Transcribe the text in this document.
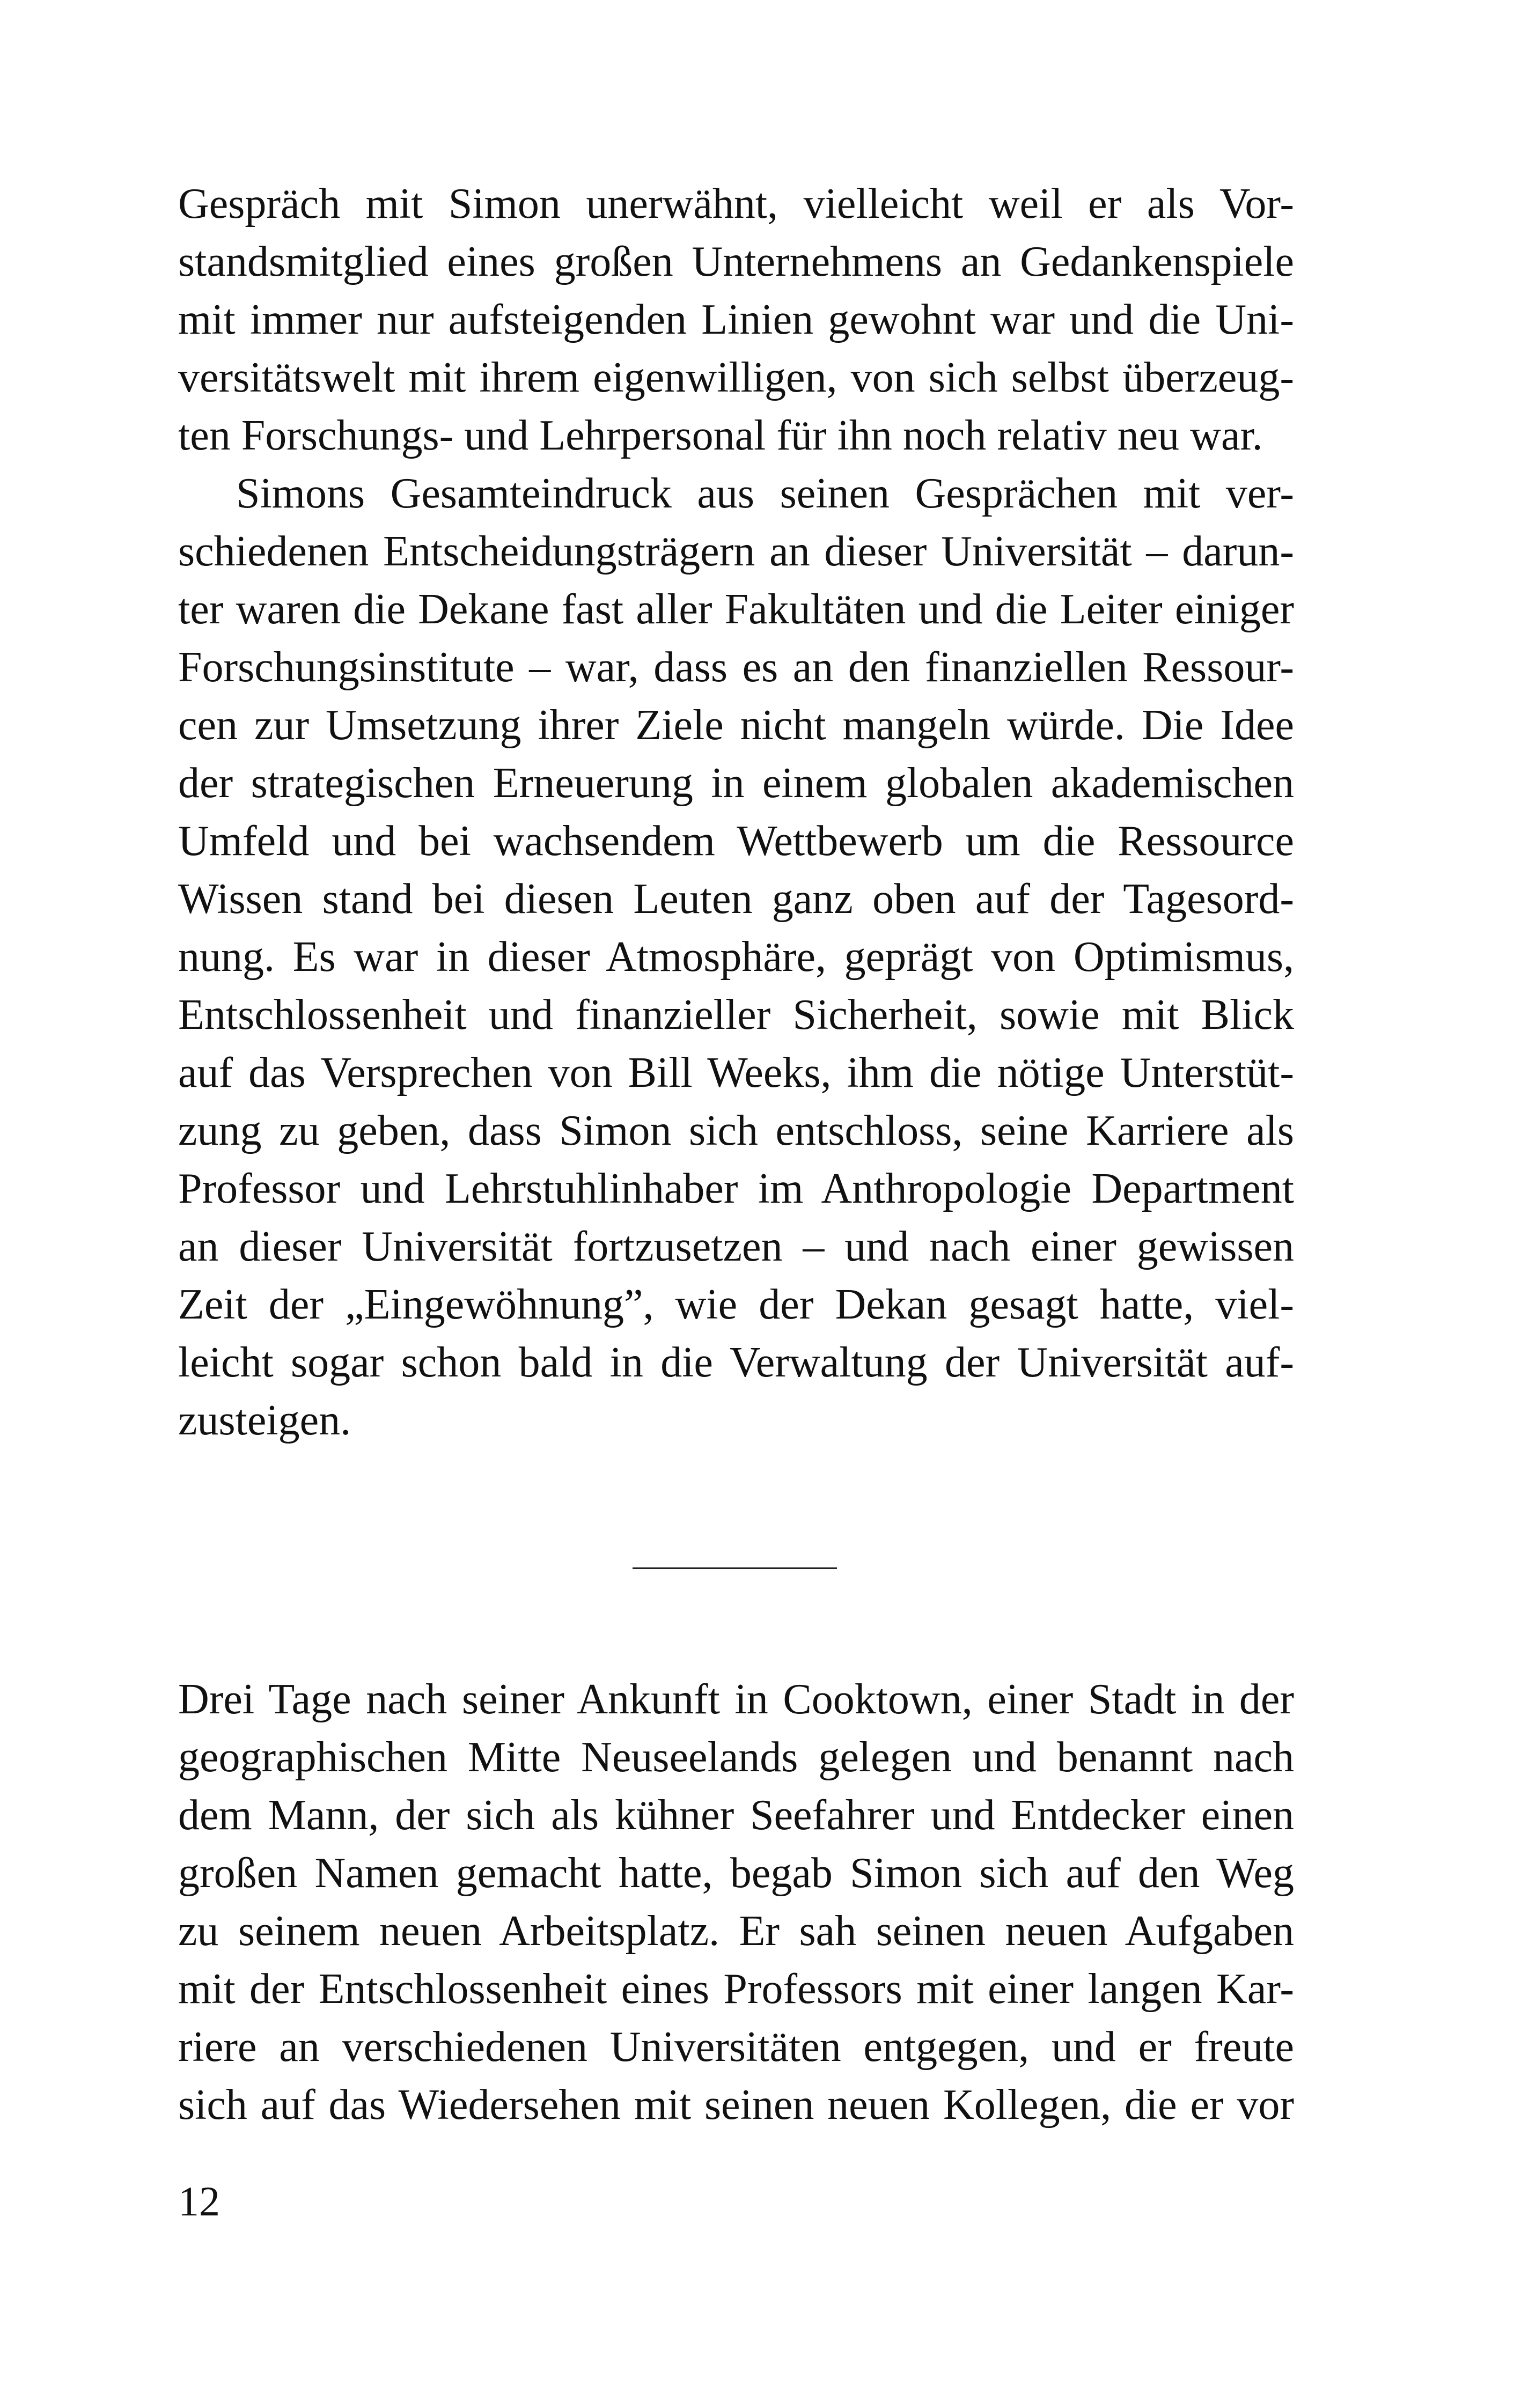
Gespräch mit Simon unerwähnt, vielleicht weil er als Vor-
standsmitglied eines großen Unternehmens an Gedankenspiele
mit immer nur aufsteigenden Linien gewohnt war und die Uni-
versitätswelt mit ihrem eigenwilligen, von sich selbst überzeug-
ten Forschungs- und Lehrpersonal für ihn noch relativ neu war.
Simons Gesamteindruck aus seinen Gesprächen mit ver-
schiedenen Entscheidungsträgern an dieser Universität – darun-
ter waren die Dekane fast aller Fakultäten und die Leiter einiger
Forschungsinstitute – war, dass es an den finanziellen Ressour-
cen zur Umsetzung ihrer Ziele nicht mangeln würde. Die Idee
der strategischen Erneuerung in einem globalen akademischen
Umfeld und bei wachsendem Wettbewerb um die Ressource
Wissen stand bei diesen Leuten ganz oben auf der Tagesord-
nung. Es war in dieser Atmosphäre, geprägt von Optimismus,
Entschlossenheit und finanzieller Sicherheit, sowie mit Blick
auf das Versprechen von Bill Weeks, ihm die nötige Unterstüt-
zung zu geben, dass Simon sich entschloss, seine Karriere als
Professor und Lehrstuhlinhaber im Anthropologie Department
an dieser Universität fortzusetzen – und nach einer gewissen
Zeit der „Eingewöhnung”, wie der Dekan gesagt hatte, viel-
leicht sogar schon bald in die Verwaltung der Universität auf-
zusteigen.
Drei Tage nach seiner Ankunft in Cooktown, einer Stadt in der
geographischen Mitte Neuseelands gelegen und benannt nach
dem Mann, der sich als kühner Seefahrer und Entdecker einen
großen Namen gemacht hatte, begab Simon sich auf den Weg
zu seinem neuen Arbeitsplatz. Er sah seinen neuen Aufgaben
mit der Entschlossenheit eines Professors mit einer langen Kar-
riere an verschiedenen Universitäten entgegen, und er freute
sich auf das Wiedersehen mit seinen neuen Kollegen, die er vor
12
